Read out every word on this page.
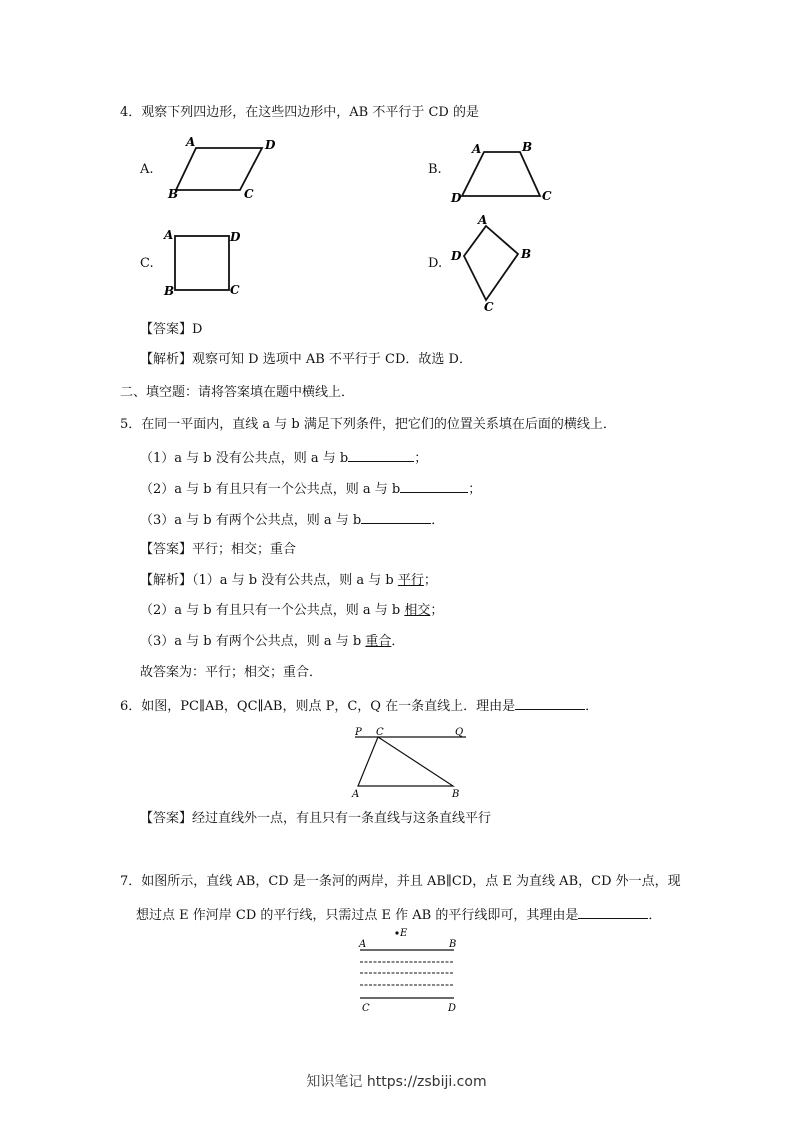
4．观察下列四边形，在这些四边形中，AB 不平行于 CD 的是
A.
A	D
B	C
B.
A	B
D	C
C.
A	D
B	C
D.
A
D	B
C
【答案】D
【解析】观察可知 D 选项中 AB 不平行于 CD．故选 D．
二、填空题：请将答案填在题中横线上．
5．在同一平面内，直线 a 与 b 满足下列条件，把它们的位置关系填在后面的横线上．
（1）a 与 b 没有公共点，则 a 与 b	；
（2）a 与 b 有且只有一个公共点，则 a 与 b	；
（3）a 与 b 有两个公共点，则 a 与 b	．
【答案】平行；相交；重合
【解析】（1）a 与 b 没有公共点，则 a 与 b 平行；
（2）a 与 b 有且只有一个公共点，则 a 与 b 相交；
（3）a 与 b 有两个公共点，则 a 与 b 重合．
故答案为：平行；相交；重合．
6．如图，PC∥AB，QC∥AB，则点 P，C，Q 在一条直线上．理由是	．
P C	Q
A	B
【答案】经过直线外一点，有且只有一条直线与这条直线平行
7．如图所示，直线 AB，CD 是一条河的两岸，并且 AB∥CD，点 E 为直线 AB，CD 外一点，现
想过点 E 作河岸 CD 的平行线，只需过点 E 作 AB 的平行线即可，其理由是	．
E
A	B
C	D
知识笔记 https://zsbiji.com
